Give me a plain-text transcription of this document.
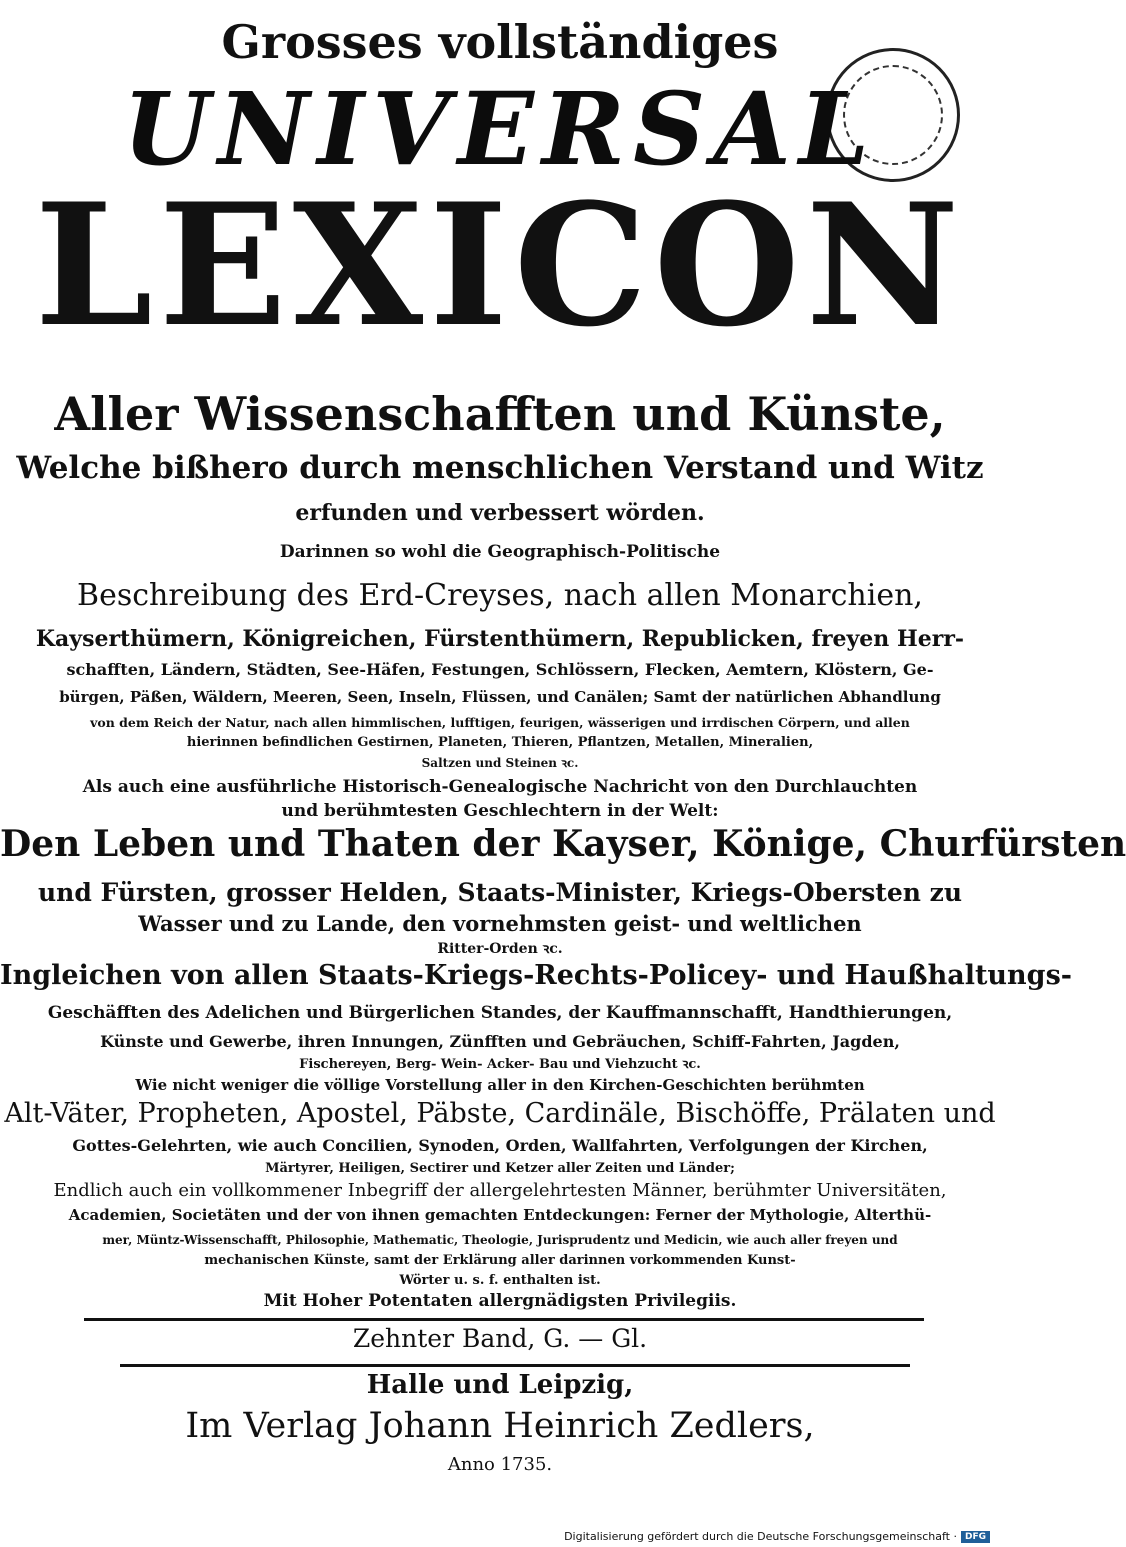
Grosses vollständiges
UNIVERSAL
LEXICON
Aller Wissenschafften und Künste,
Welche bißhero durch menschlichen Verstand und Witz
erfunden und verbessert wörden.
Darinnen so wohl die Geographisch-Politische
Beschreibung des Erd-Creyses, nach allen Monarchien,
Kayserthümern, Königreichen, Fürstenthümern, Republicken, freyen Herr-
schafften, Ländern, Städten, See-Häfen, Festungen, Schlössern, Flecken, Aemtern, Klöstern, Ge-
bürgen, Päßen, Wäldern, Meeren, Seen, Inseln, Flüssen, und Canälen; Samt der natürlichen Abhandlung
von dem Reich der Natur, nach allen himmlischen, lufftigen, feurigen, wässerigen und irrdischen Cörpern, und allen
hierinnen befindlichen Gestirnen, Planeten, Thieren, Pflantzen, Metallen, Mineralien,
Saltzen und Steinen ꝛc.
Als auch eine ausführliche Historisch-Genealogische Nachricht von den Durchlauchten
und berühmtesten Geschlechtern in der Welt:
Den Leben und Thaten der Kayser, Könige, Churfürsten
und Fürsten, grosser Helden, Staats-Minister, Kriegs-Obersten zu
Wasser und zu Lande, den vornehmsten geist- und weltlichen
Ritter-Orden ꝛc.
Ingleichen von allen Staats-Kriegs-Rechts-Policey- und Haußhaltungs-
Geschäfften des Adelichen und Bürgerlichen Standes, der Kauffmannschafft, Handthierungen,
Künste und Gewerbe, ihren Innungen, Zünfften und Gebräuchen, Schiff-Fahrten, Jagden,
Fischereyen, Berg- Wein- Acker- Bau und Viehzucht ꝛc.
Wie nicht weniger die völlige Vorstellung aller in den Kirchen-Geschichten berühmten
Alt-Väter, Propheten, Apostel, Päbste, Cardinäle, Bischöffe, Prälaten und
Gottes-Gelehrten, wie auch Concilien, Synoden, Orden, Wallfahrten, Verfolgungen der Kirchen,
Märtyrer, Heiligen, Sectirer und Ketzer aller Zeiten und Länder;
Endlich auch ein vollkommener Inbegriff der allergelehrtesten Männer, berühmter Universitäten,
Academien, Societäten und der von ihnen gemachten Entdeckungen: Ferner der Mythologie, Alterthü-
mer, Müntz-Wissenschafft, Philosophie, Mathematic, Theologie, Jurisprudentz und Medicin, wie auch aller freyen und
mechanischen Künste, samt der Erklärung aller darinnen vorkommenden Kunst-
Wörter u. s. f. enthalten ist.
Mit Hoher Potentaten allergnädigsten Privilegiis.
Zehnter Band, G. — Gl.
Halle und Leipzig,
Im Verlag Johann Heinrich Zedlers,
Anno 1735.
Digitalisierung gefördert durch die Deutsche Forschungsgemeinschaft · DFG
